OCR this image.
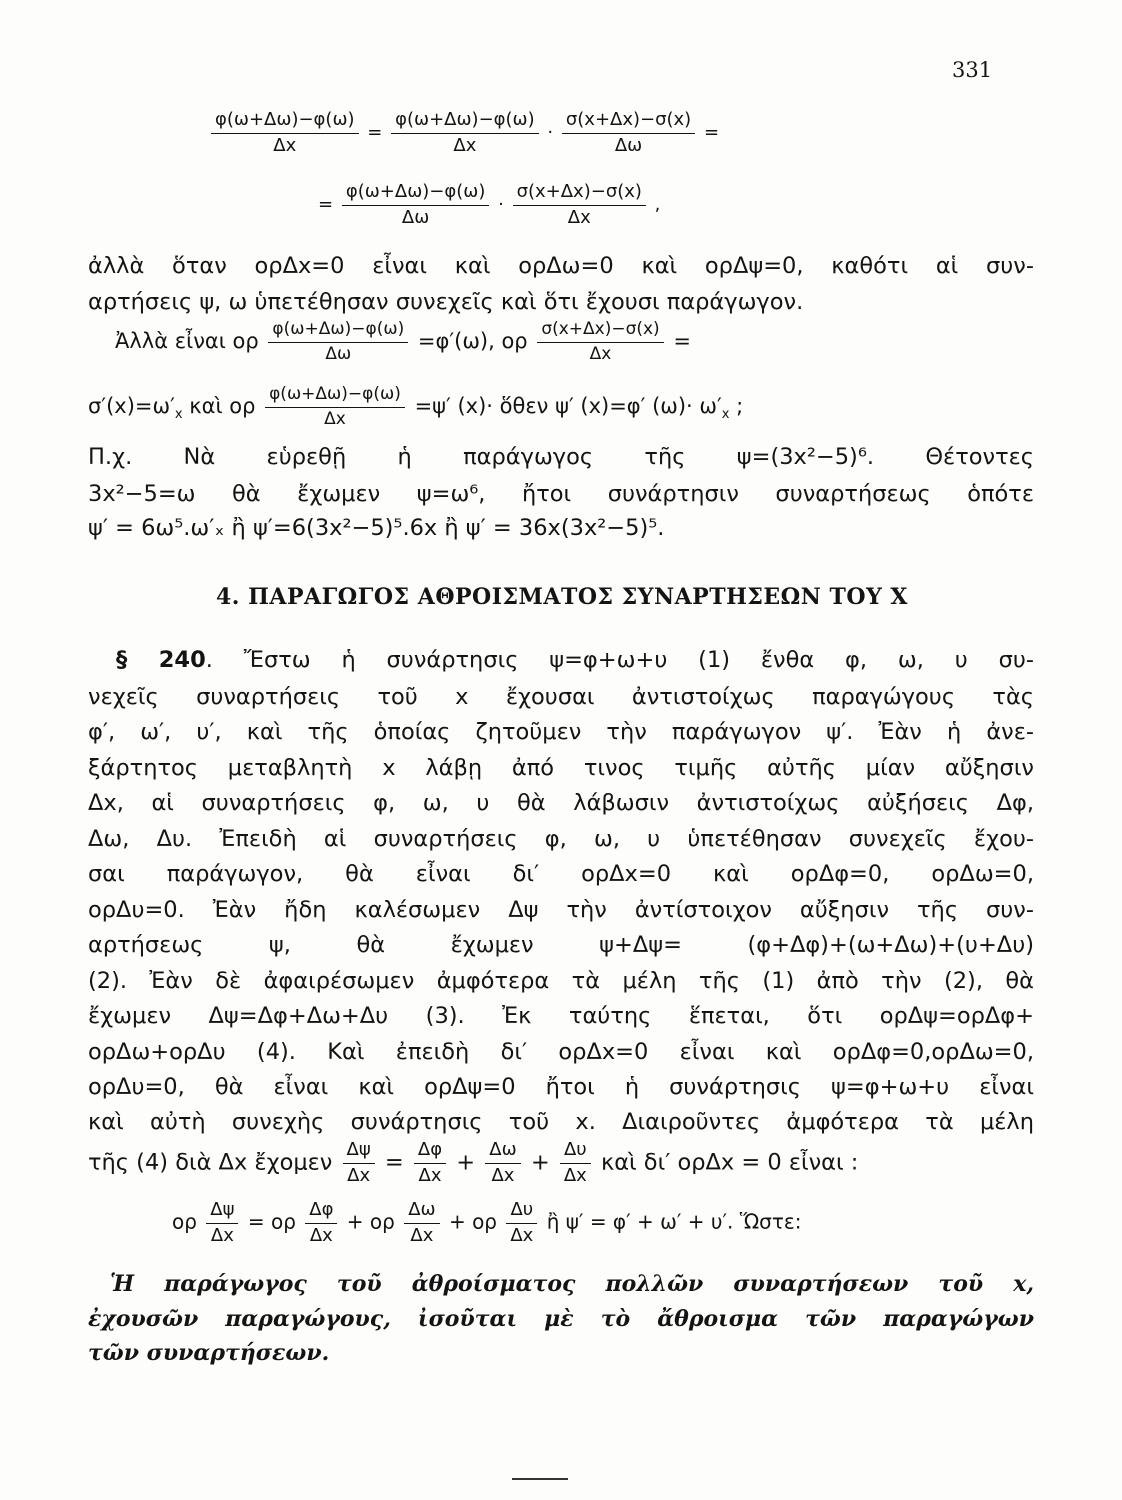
331
$\frac{\varphi(\omega+\Delta\omega)-\varphi(\omega)}{\Delta x} = \frac{\varphi(\omega+\Delta\omega)-\varphi(\omega)}{\Delta x} \cdot \frac{\sigma(x+\Delta x)-\sigma(x)}{\Delta\omega}$ =
= $\frac{\varphi(\omega+\Delta\omega)-\varphi(\omega)}{\Delta\omega} \cdot \frac{\sigma(x+\Delta x)-\sigma(x)}{\Delta x}$ ,
ἀλλὰ ὅταν ορΔx=0 εἶναι καὶ ορΔω=0 καὶ ορΔψ=0, καθότι αἱ συν-
αρτήσεις ψ, ω ὑπετέθησαν συνεχεῖς καὶ ὅτι ἔχουσι παράγωγον.
Ἀλλὰ εἶναι ορ $\frac{\varphi(\omega+\Delta\omega)-\varphi(\omega)}{\Delta\omega} =\varphi'(\omega)$, ορ $\frac{\sigma(x+\Delta x)-\sigma(x)}{\Delta x}$ =
$\sigma'(x)=\omega'_x$ καὶ ορ $\frac{\varphi(\omega+\Delta\omega)-\varphi(\omega)}{\Delta x} =\psi'$ (x)· ὅθεν ψ′ (x)=φ′ $(\omega)\cdot \omega'_x$ ;
Π.χ. Νὰ εὑρεθῇ ἡ παράγωγος τῆς ψ=(3x²−5)⁶. Θέτοντες
3x²−5=ω θὰ ἔχωμεν ψ=ω⁶, ἤτοι συνάρτησιν συναρτήσεως ὁπότε
ψ′ = 6ω⁵.ω′ₓ ἢ ψ′=6(3x²−5)⁵.6x ἢ ψ′ = 36x(3x²−5)⁵.
4. ΠΑΡΑΓΩΓΟΣ ΑΘΡΟΙΣΜΑΤΟΣ ΣΥΝΑΡΤΗΣΕΩΝ ΤΟΥ Χ
§ 240. Ἔστω ἡ συνάρτησις ψ=φ+ω+υ (1) ἔνθα φ, ω, υ συ-
νεχεῖς συναρτήσεις τοῦ x ἔχουσαι ἀντιστοίχως παραγώγους τὰς
φ′, ω′, υ′, καὶ τῆς ὁποίας ζητοῦμεν τὴν παράγωγον ψ′. Ἐὰν ἡ ἀνε-
ξάρτητος μεταβλητὴ x λάβῃ ἀπό τινος τιμῆς αὐτῆς μίαν αὔξησιν
Δx, αἱ συναρτήσεις φ, ω, υ θὰ λάβωσιν ἀντιστοίχως αὐξήσεις Δφ,
Δω, Δυ. Ἐπειδὴ αἱ συναρτήσεις φ, ω, υ ὑπετέθησαν συνεχεῖς ἔχου-
σαι παράγωγον, θὰ εἶναι δι′ ορΔx=0 καὶ ορΔφ=0, ορΔω=0,
ορΔυ=0. Ἐὰν ἤδη καλέσωμεν Δψ τὴν ἀντίστοιχον αὔξησιν τῆς συν-
αρτήσεως ψ, θὰ ἔχωμεν ψ+Δψ= (φ+Δφ)+(ω+Δω)+(υ+Δυ)
(2). Ἐὰν δὲ ἀφαιρέσωμεν ἀμφότερα τὰ μέλη τῆς (1) ἀπὸ τὴν (2), θὰ
ἔχωμεν Δψ=Δφ+Δω+Δυ (3). Ἐκ ταύτης ἕπεται, ὅτι ορΔψ=ορΔφ+
ορΔω+ορΔυ (4). Καὶ ἐπειδὴ δι′ ορΔx=0 εἶναι καὶ ορΔφ=0,ορΔω=0,
ορΔυ=0, θὰ εἶναι καὶ ορΔψ=0 ἤτοι ἡ συνάρτησις ψ=φ+ω+υ εἶναι
καὶ αὐτὴ συνεχὴς συνάρτησις τοῦ x. Διαιροῦντες ἀμφότερα τὰ μέλη
τῆς (4) διὰ Δx ἔχομεν $\frac{\Delta\psi}{\Delta x} = \frac{\Delta\varphi}{\Delta x} + \frac{\Delta\omega}{\Delta x} + \frac{\Delta\upsilon}{\Delta x}$ καὶ δι′ ορΔx = 0 εἶναι :
ορ $\frac{\Delta\psi}{\Delta x} = o\rho \frac{\Delta\varphi}{\Delta x} + o\rho \frac{\Delta\omega}{\Delta x} + o\rho \frac{\Delta\upsilon}{\Delta x}$ ἢ ψ′ = φ′ + ω′ + υ′. Ὥστε:
Ἡ παράγωγος τοῦ ἀθροίσματος πολλῶν συναρτήσεων τοῦ x,
ἐχουσῶν παραγώγους, ἰσοῦται μὲ τὸ ἄθροισμα τῶν παραγώγων
τῶν συναρτήσεων.
